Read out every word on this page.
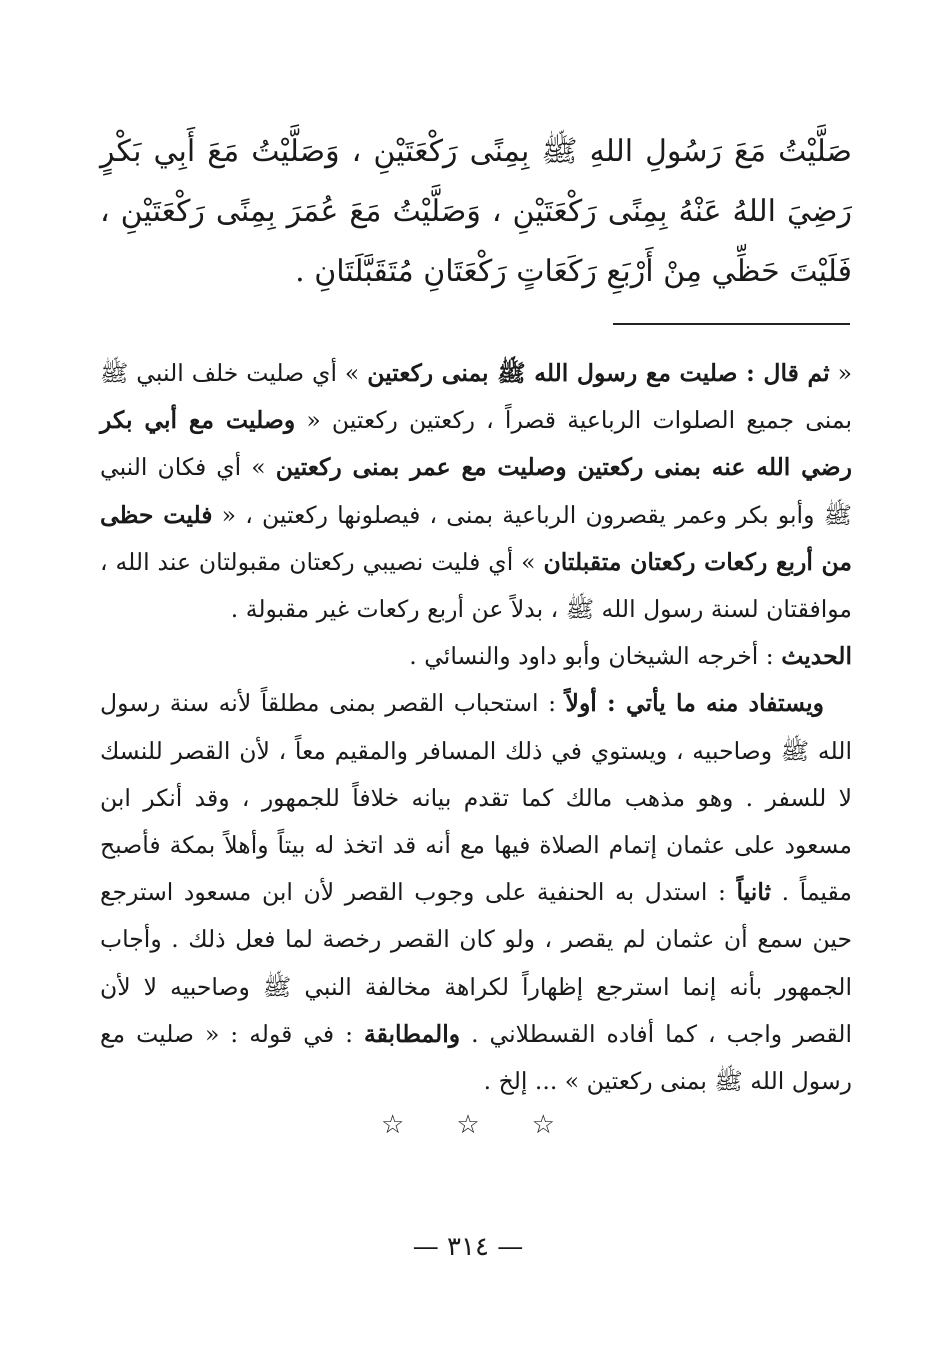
صَلَّيْتُ مَعَ رَسُولِ اللهِ ﷺ بِمِنًى رَكْعَتَيْنِ ، وَصَلَّيْتُ مَعَ أَبِي بَكْرٍ رَضِيَ اللهُ عَنْهُ بِمِنًى رَكْعَتَيْنِ ، وَصَلَّيْتُ مَعَ عُمَرَ بِمِنًى رَكْعَتَيْنِ ، فَلَيْتَ حَظِّي مِنْ أَرْبَعِ رَكَعَاتٍ رَكْعَتَانِ مُتَقَبَّلَتَانِ .

« ثم قال : صليت مع رسول الله ﷺ بمنى ركعتين » أي صليت خلف النبي ﷺ بمنى جميع الصلوات الرباعية قصراً ، ركعتين ركعتين « وصليت مع أبي بكر رضي الله عنه بمنى ركعتين وصليت مع عمر بمنى ركعتين » أي فكان النبي ﷺ وأبو بكر وعمر يقصرون الرباعية بمنى ، فيصلونها ركعتين ، « فليت حظى من أربع ركعات ركعتان متقبلتان » أي فليت نصيبي ركعتان مقبولتان عند الله ، موافقتان لسنة رسول الله ﷺ ، بدلاً عن أربع ركعات غير مقبولة .

الحديث : أخرجه الشيخان وأبو داود والنسائي .

ويستفاد منه ما يأتي : أولاً : استحباب القصر بمنى مطلقاً لأنه سنة رسول الله ﷺ وصاحبيه ، ويستوي في ذلك المسافر والمقيم معاً ، لأن القصر للنسك لا للسفر . وهو مذهب مالك كما تقدم بيانه خلافاً للجمهور ، وقد أنكر ابن مسعود على عثمان إتمام الصلاة فيها مع أنه قد اتخذ له بيتاً وأهلاً بمكة فأصبح مقيماً . ثانياً : استدل به الحنفية على وجوب القصر لأن ابن مسعود استرجع حين سمع أن عثمان لم يقصر ، ولو كان القصر رخصة لما فعل ذلك . وأجاب الجمهور بأنه إنما استرجع إظهاراً لكراهة مخالفة النبي ﷺ وصاحبيه لا لأن القصر واجب ، كما أفاده القسطلاني . والمطابقة : في قوله : « صليت مع رسول الله ﷺ بمنى ركعتين » ... إلخ .

☆☆☆
— ٣١٤ —
